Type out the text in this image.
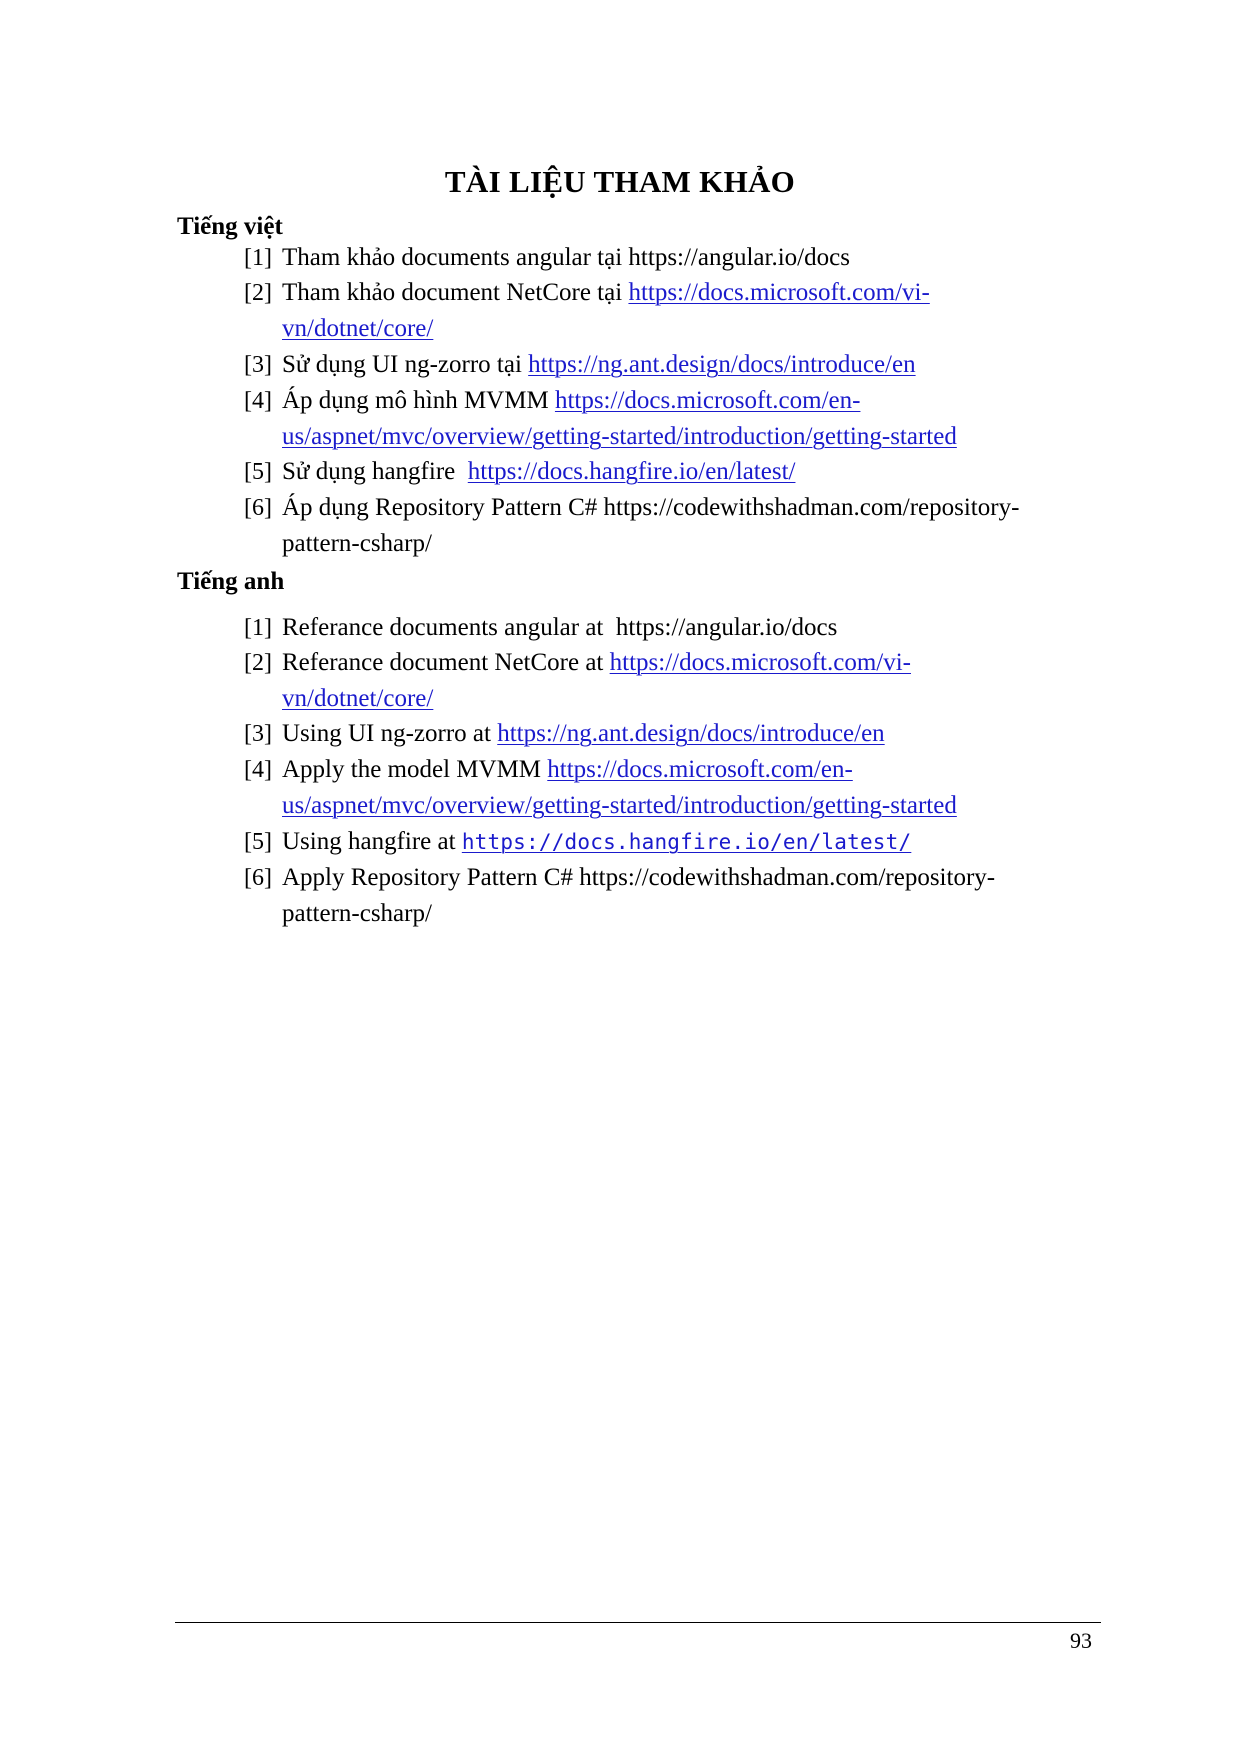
TÀI LIỆU THAM KHẢO
Tiếng việt
[1] Tham khảo documents angular tại https://angular.io/docs
[2] Tham khảo document NetCore tại https://docs.microsoft.com/vi-
vn/dotnet/core/
[3] Sử dụng UI ng-zorro tại https://ng.ant.design/docs/introduce/en
[4] Áp dụng mô hình MVMM https://docs.microsoft.com/en-
us/aspnet/mvc/overview/getting-started/introduction/getting-started
[5] Sử dụng hangfire  https://docs.hangfire.io/en/latest/
[6] Áp dụng Repository Pattern C# https://codewithshadman.com/repository-
pattern-csharp/
Tiếng anh
[1] Referance documents angular at  https://angular.io/docs
[2] Referance document NetCore at https://docs.microsoft.com/vi-
vn/dotnet/core/
[3] Using UI ng-zorro at https://ng.ant.design/docs/introduce/en
[4] Apply the model MVMM https://docs.microsoft.com/en-
us/aspnet/mvc/overview/getting-started/introduction/getting-started
[5] Using hangfire at https://docs.hangfire.io/en/latest/
[6] Apply Repository Pattern C# https://codewithshadman.com/repository-
pattern-csharp/
93
